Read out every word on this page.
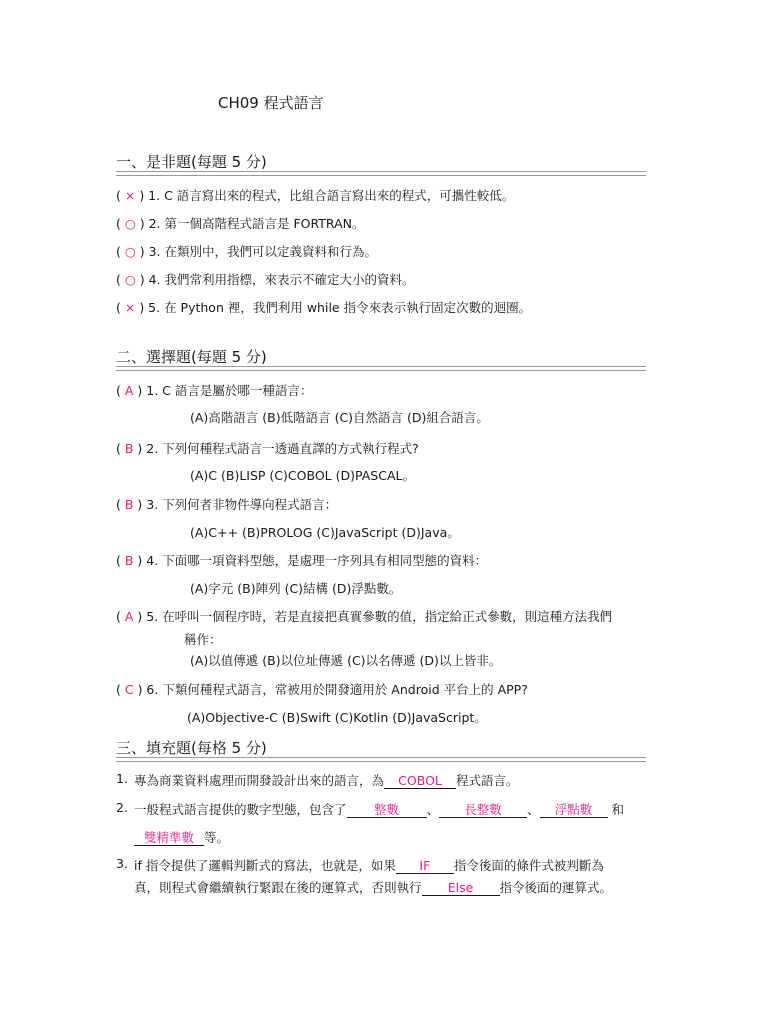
CH09 程式語言
一、是非題(每題 5 分)
( × ) 1. C 語言寫出來的程式，比組合語言寫出來的程式，可攜性較低。
( ○ ) 2. 第一個高階程式語言是 FORTRAN。
( ○ ) 3. 在類別中，我們可以定義資料和行為。
( ○ ) 4. 我們常利用指標，來表示不確定大小的資料。
( × ) 5. 在 Python 裡，我們利用 while 指令來表示執行固定次數的迴圈。
二、選擇題(每題 5 分)
( A ) 1. C 語言是屬於哪一種語言：
(A)高階語言 (B)低階語言 (C)自然語言 (D)組合語言。
( B ) 2. 下列何種程式語言一透過直譯的方式執行程式?
(A)C (B)LISP (C)COBOL (D)PASCAL。
( B ) 3. 下列何者非物件導向程式語言：
(A)C++ (B)PROLOG (C)JavaScript (D)Java。
( B ) 4. 下面哪一項資料型態，是處理一序列具有相同型態的資料：
(A)字元 (B)陣列 (C)結構 (D)浮點數。
( A ) 5. 在呼叫一個程序時，若是直接把真實參數的值，指定給正式參數，則這種方法我們
稱作：
(A)以值傳遞 (B)以位址傳遞 (C)以名傳遞 (D)以上皆非。
( C ) 6. 下類何種程式語言，常被用於開發適用於 Android 平台上的 APP?
(A)Objective-C (B)Swift (C)Kotlin (D)JavaScript。
三、填充題(每格 5 分)
1. 專為商業資料處理而開發設計出來的語言，為 COBOL 程式語言。
2. 一般程式語言提供的數字型態，包含了 整數 、 長整數 、 浮點數 和
雙精準數 等。
3. if 指令提供了邏輯判斷式的寫法，也就是，如果 IF 指令後面的條件式被判斷為
真，則程式會繼續執行緊跟在後的運算式，否則執行 Else 指令後面的運算式。
